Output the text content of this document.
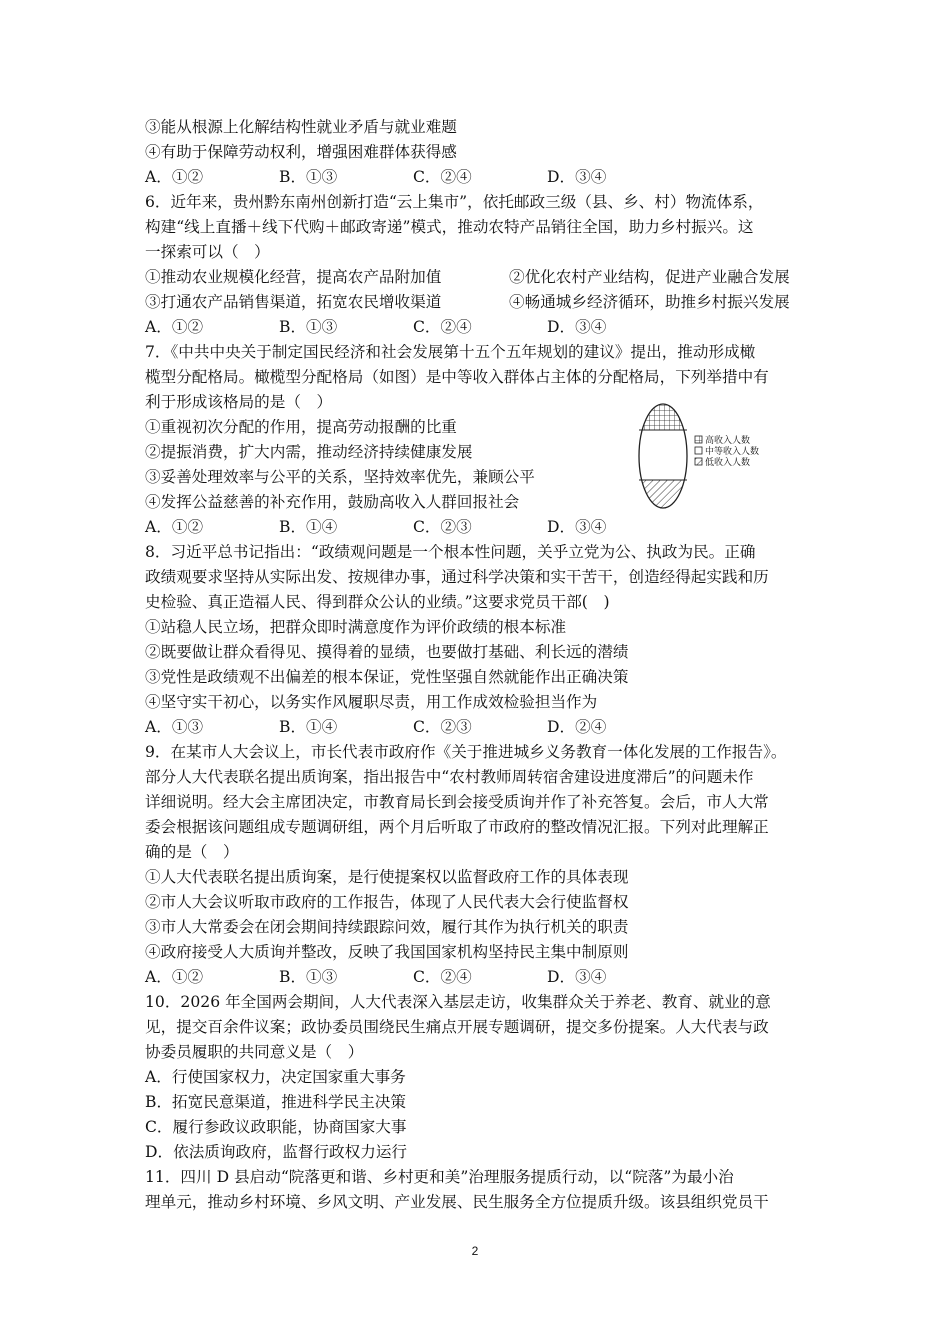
③能从根源上化解结构性就业矛盾与就业难题
④有助于保障劳动权利，增强困难群体获得感
A．①②	B．①③	C．②④	D．③④
6．近年来，贵州黔东南州创新打造“云上集市”，依托邮政三级（县、乡、村）物流体系，
构建“线上直播＋线下代购＋邮政寄递”模式，推动农特产品销往全国，助力乡村振兴。这
一探索可以（　）
①推动农业规模化经营，提高农产品附加值	②优化农村产业结构，促进产业融合发展
③打通农产品销售渠道，拓宽农民增收渠道	④畅通城乡经济循环，助推乡村振兴发展
A．①②	B．①③	C．②④	D．③④
7．《中共中央关于制定国民经济和社会发展第十五个五年规划的建议》提出，推动形成橄
榄型分配格局。橄榄型分配格局（如图）是中等收入群体占主体的分配格局，下列举措中有
利于形成该格局的是（　）
①重视初次分配的作用，提高劳动报酬的比重
②提振消费，扩大内需，推动经济持续健康发展
③妥善处理效率与公平的关系，坚持效率优先，兼顾公平
④发挥公益慈善的补充作用，鼓励高收入人群回报社会
A．①②	B．①④	C．②③	D．③④
高收入人数
中等收入人数
低收入人数
8．习近平总书记指出：“政绩观问题是一个根本性问题，关乎立党为公、执政为民。正确
政绩观要求坚持从实际出发、按规律办事，通过科学决策和实干苦干，创造经得起实践和历
史检验、真正造福人民、得到群众公认的业绩。”这要求党员干部(　)
①站稳人民立场，把群众即时满意度作为评价政绩的根本标准
②既要做让群众看得见、摸得着的显绩，也要做打基础、利长远的潜绩
③党性是政绩观不出偏差的根本保证，党性坚强自然就能作出正确决策
④坚守实干初心，以务实作风履职尽责，用工作成效检验担当作为
A．①③	B．①④	C．②③	D．②④
9．在某市人大会议上，市长代表市政府作《关于推进城乡义务教育一体化发展的工作报告》。
部分人大代表联名提出质询案，指出报告中“农村教师周转宿舍建设进度滞后”的问题未作
详细说明。经大会主席团决定，市教育局长到会接受质询并作了补充答复。会后，市人大常
委会根据该问题组成专题调研组，两个月后听取了市政府的整改情况汇报。下列对此理解正
确的是（　）
①人大代表联名提出质询案，是行使提案权以监督政府工作的具体表现
②市人大会议听取市政府的工作报告，体现了人民代表大会行使监督权
③市人大常委会在闭会期间持续跟踪问效，履行其作为执行机关的职责
④政府接受人大质询并整改，反映了我国国家机构坚持民主集中制原则
A．①②	B．①③	C．②④	D．③④
10．2026 年全国两会期间，人大代表深入基层走访，收集群众关于养老、教育、就业的意
见，提交百余件议案；政协委员围绕民生痛点开展专题调研，提交多份提案。人大代表与政
协委员履职的共同意义是（　）
A．行使国家权力，决定国家重大事务
B．拓宽民意渠道，推进科学民主决策
C．履行参政议政职能，协商国家大事
D．依法质询政府，监督行政权力运行
11．四川 D 县启动“院落更和谐、乡村更和美”治理服务提质行动，以“院落”为最小治
理单元，推动乡村环境、乡风文明、产业发展、民生服务全方位提质升级。该县组织党员干
2
